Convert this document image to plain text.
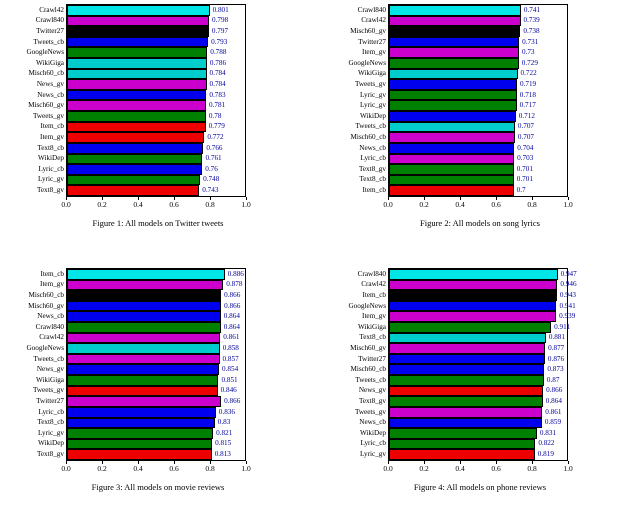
Crawl42	0.801
Crawl840	0.798
Twitter27	0.797
Tweets_cb	0.793
GoogleNews	0.788
WikiGiga	0.786
Misch60_cb	0.784
News_gv	0.784
News_cb	0.783
Misch60_gv	0.781
Tweets_gv	0.78
Item_cb	0.779
Item_gv	0.772
Text8_cb	0.766
WikiDep	0.761
Lyric_cb	0.76
Lyric_gv	0.748
Text8_gv	0.743
0.0	0.2	0.4	0.6	0.8	1.0
Figure 1: All models on Twitter tweets
Crawl840	0.741
Crawl42	0.739
Misch60_gv	0.738
Twitter27	0.731
Item_gv	0.73
GoogleNews	0.729
WikiGiga	0.722
Tweets_gv	0.719
Lyric_gv	0.718
Lyric_gv	0.717
WikiDep	0.712
Tweets_cb	0.707
Misch60_cb	0.707
News_cb	0.704
Lyric_cb	0.703
Text8_gv	0.701
Text8_cb	0.701
Item_cb	0.7
0.0	0.2	0.4	0.6	0.8	1.0
Figure 2: All models on song lyrics
Item_cb	0.886
Item_gv	0.878
Misch60_cb	0.866
Misch60_gv	0.866
News_cb	0.864
Crawl840	0.864
Crawl42	0.861
GoogleNews	0.858
Tweets_cb	0.857
News_gv	0.854
WikiGiga	0.851
Tweets_gv	0.846
Twitter27	0.866
Lyric_cb	0.836
Text8_cb	0.83
Lyric_gv	0.821
WikiDep	0.815
Text8_gv	0.813
0.0	0.2	0.4	0.6	0.8	1.0
Figure 3: All models on movie reviews
Crawl840	0.947
Crawl42	0.946
Item_cb	0.943
GoogleNews	0.941
Item_gv	0.939
WikiGiga	0.911
Text8_cb	0.881
Misch60_gv	0.877
Twitter27	0.876
Misch60_cb	0.873
Tweets_cb	0.87
News_gv	0.866
Text8_gv	0.864
Tweets_gv	0.861
News_cb	0.859
WikiDep	0.831
Lyric_cb	0.822
Lyric_gv	0.819
0.0	0.2	0.4	0.6	0.8	1.0
Figure 4: All models on phone reviews
